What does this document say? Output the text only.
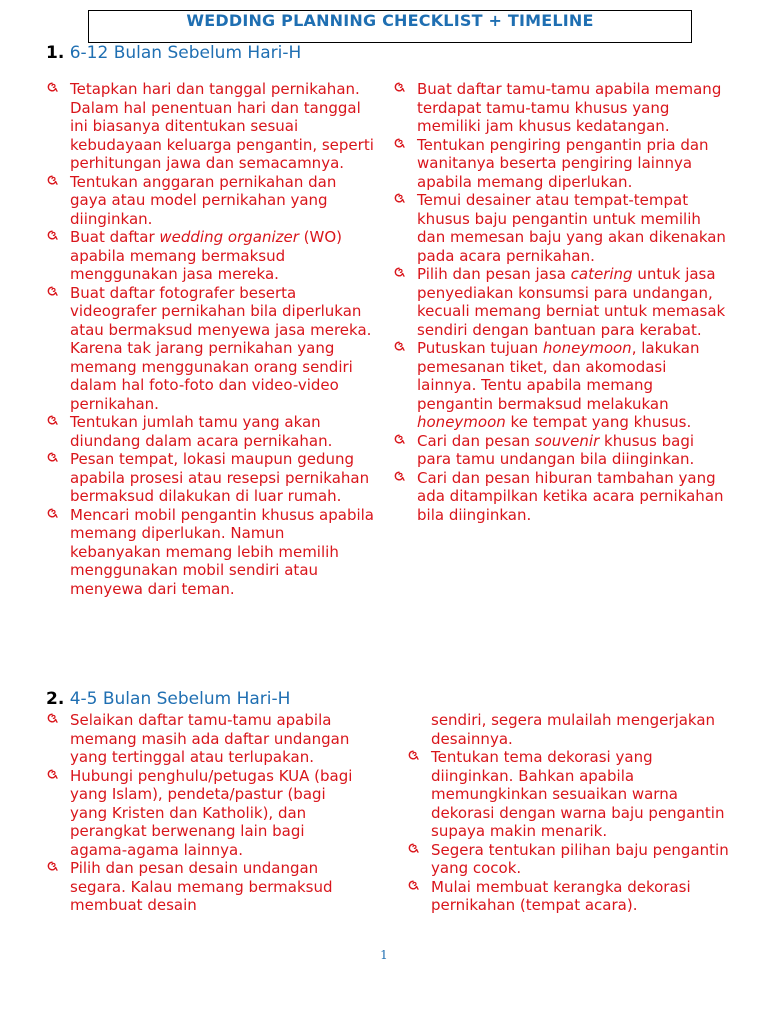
WEDDING PLANNING CHECKLIST + TIMELINE
1. 6-12 Bulan Sebelum Hari-H
Tetapkan hari dan tanggal pernikahan. Dalam hal penentuan hari dan tanggal ini biasanya ditentukan sesuai kebudayaan keluarga pengantin, seperti perhitungan jawa dan semacamnya.
Tentukan anggaran pernikahan dan gaya atau model pernikahan yang diinginkan.
Buat daftar wedding organizer (WO) apabila memang bermaksud menggunakan jasa mereka.
Buat daftar fotografer beserta videografer pernikahan bila diperlukan atau bermaksud menyewa jasa mereka. Karena tak jarang pernikahan yang memang menggunakan orang sendiri dalam hal foto-foto dan video-video pernikahan.
Tentukan jumlah tamu yang akan diundang dalam acara pernikahan.
Pesan tempat, lokasi maupun gedung apabila prosesi atau resepsi pernikahan bermaksud dilakukan di luar rumah.
Mencari mobil pengantin khusus apabila memang diperlukan. Namun kebanyakan memang lebih memilih menggunakan mobil sendiri atau menyewa dari teman.
Buat daftar tamu-tamu apabila memang terdapat tamu-tamu khusus yang memiliki jam khusus kedatangan.
Tentukan pengiring pengantin pria dan wanitanya beserta pengiring lainnya apabila memang diperlukan.
Temui desainer atau tempat-tempat khusus baju pengantin untuk memilih dan memesan baju yang akan dikenakan pada acara pernikahan.
Pilih dan pesan jasa catering untuk jasa penyediakan konsumsi para undangan, kecuali memang berniat untuk memasak sendiri dengan bantuan para kerabat.
Putuskan tujuan honeymoon, lakukan pemesanan tiket, dan akomodasi lainnya. Tentu apabila memang pengantin bermaksud melakukan honeymoon ke tempat yang khusus.
Cari dan pesan souvenir khusus bagi para tamu undangan bila diinginkan.
Cari dan pesan hiburan tambahan yang ada ditampilkan ketika acara pernikahan bila diinginkan.
2. 4-5 Bulan Sebelum Hari-H
Selaikan daftar tamu-tamu apabila memang masih ada daftar undangan yang tertinggal atau terlupakan.
Hubungi penghulu/petugas KUA (bagi yang Islam), pendeta/pastur (bagi yang Kristen dan Katholik), dan perangkat berwenang lain bagi agama-agama lainnya.
Pilih dan pesan desain undangan segara. Kalau memang bermaksud membuat desain
sendiri, segera mulailah mengerjakan desainnya.
Tentukan tema dekorasi yang diinginkan. Bahkan apabila memungkinkan sesuaikan warna dekorasi dengan warna baju pengantin supaya makin menarik.
Segera tentukan pilihan baju pengantin yang cocok.
Mulai membuat kerangka dekorasi pernikahan (tempat acara).
1
